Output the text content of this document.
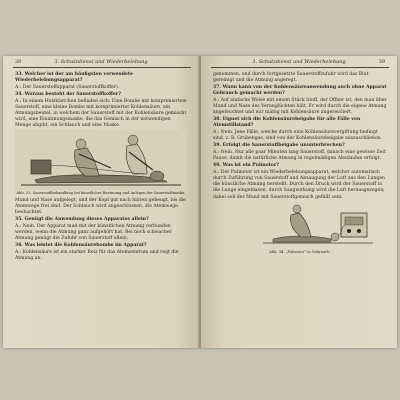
38	3. Schutzdienst und Wiederbelebung
33. Welcher ist der am häufigsten verwendete Wiederbelebungsapparat?
A.: Der Sauerstoffapparat (Sauerstoffkoffer).
34. Woraus besteht der Sauerstoffkoffer?
A.: In einem Holzkästchen befinden sich: Eine Bombe mit komprimiertem Sauerstoff, eine kleine Bombe mit komprimierter Kohlensäure, ein Atmungsbeutel, in welchem der Sauerstoff mit der Kohlensäure gemischt wird, eine Einatmungsmaske, die das Gemisch in der notwendigen Menge abgibt, ein Schlauch und eine Maske.
Abb. 33. Sauerstoffbehandlung bei künstlicher Beatmung und Anlegen der Sauerstoffmaske.
Mund und Nase aufgelegt, und der Kopf gut nach hinten gebeugt, bis die Atemwege frei sind. Der Schlauch wird angeschlossen, die Atemwege beobachtet.
35. Genügt die Anwendung dieses Apparates allein?
A.: Nein. Der Apparat muß mit der künstlichen Atmung verbunden werden, wenn die Atmung ganz aufgehört hat. Bei noch schwacher Atmung genügt die Zufuhr von Sauerstoff allein.
36. Was leistet die Kohlensäurebombe im Apparat?
A.: Kohlensäure ist ein starker Reiz für das Atemzentrum und regt die Atmung an.
3. Schutzdienst und Wiederbelebung	39
genommen, und durch fortgesetzte Sauerstoffzufuhr wird das Blut gereinigt und die Atmung angeregt.
37. Wann kann von der Kohlensäureanwendung auch ohne Apparat Gebrauch gemacht werden?
A.: Auf einfache Weise mit einem Stück Stoff, der Offner ist, den man über Mund und Nase des Verunglückten hält. Er wird durch die eigene Atmung angefeuchtet und nur mäßig mit Kohlensäure angereichert.
38. Eignet sich die Kohlensäurebeigabe für alle Fälle von Atemstillstand?
A.: Nein. Jene Fälle, welche durch eine Kohlensäurevergiftung bedingt sind, z. B. Grubengas, sind von der Kohlensäurebeigabe auszuschließen.
39. Erfolgt die Sauerstoffbeigabe ununterbrochen?
A.: Nein. Nur alle paar Minuten lang Sauerstoff, danach eine gewisse Zeit Pause, damit die natürliche Atmung in regelmäßigen Abständen erfolgt.
40. Was ist ein Pulmotor?
A.: Der Pulmotor ist ein Wiederbelebungsapparat, welcher automatisch durch Zuführung von Sauerstoff und Absaugung der Luft aus den Lungen die künstliche Atmung herstellt. Durch den Druck wird der Sauerstoff in die Lunge eingeblasen, durch Saugwirkung wird die Luft herausgezogen; dabei soll der Mund mit Sauerstoffgemisch gefüllt sein.
Abb. 34. „Pulmotor“ in Gebrauch.
